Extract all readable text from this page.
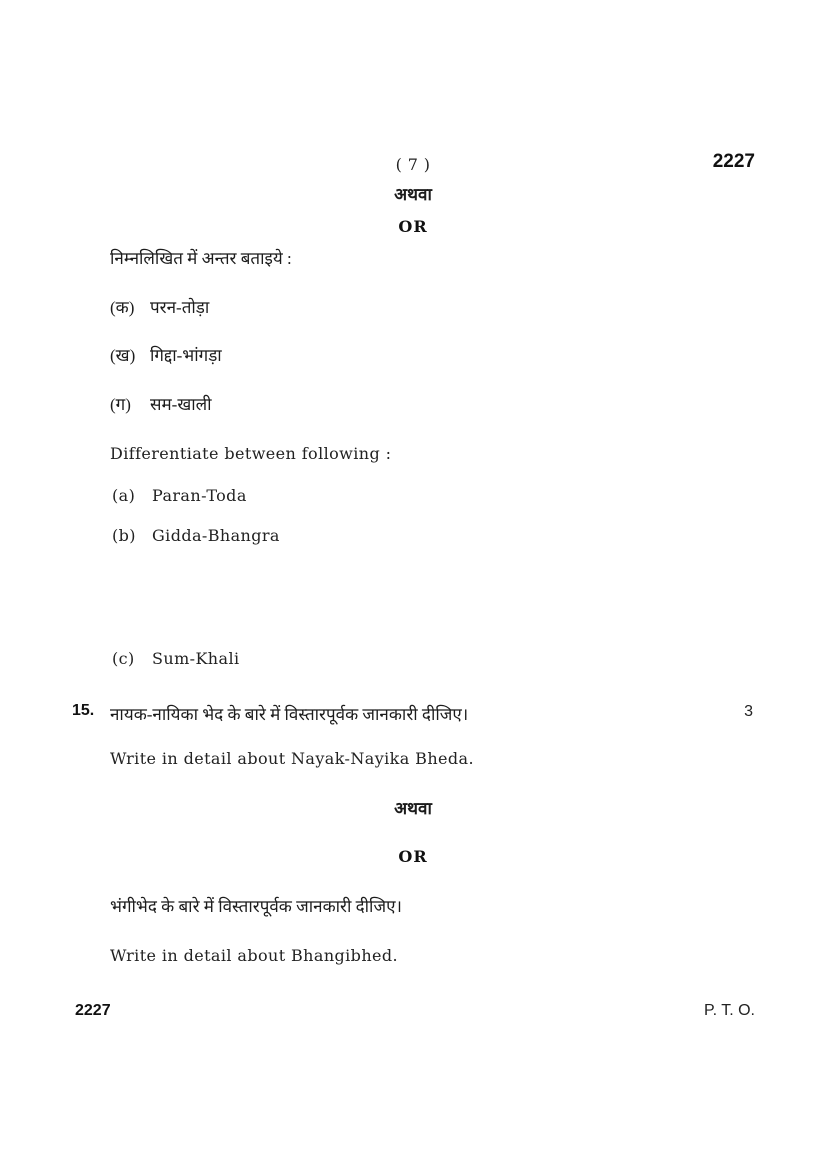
( 7 )	2227
अथवा
OR
निम्नलिखित में अन्तर बताइये :
(क) परन-तोड़ा
(ख) गिद्दा-भांगड़ा
(ग)	सम-खाली
Differentiate between following :
(a)	Paran-Toda
(b)	Gidda-Bhangra
(c)	Sum-Khali
15. नायक-नायिका भेद के बारे में विस्तारपूर्वक जानकारी दीजिए।	3
Write in detail about Nayak-Nayika Bheda.
अथवा
OR
भंगीभेद के बारे में विस्तारपूर्वक जानकारी दीजिए।
Write in detail about Bhangibhed.
2227	P. T. O.
